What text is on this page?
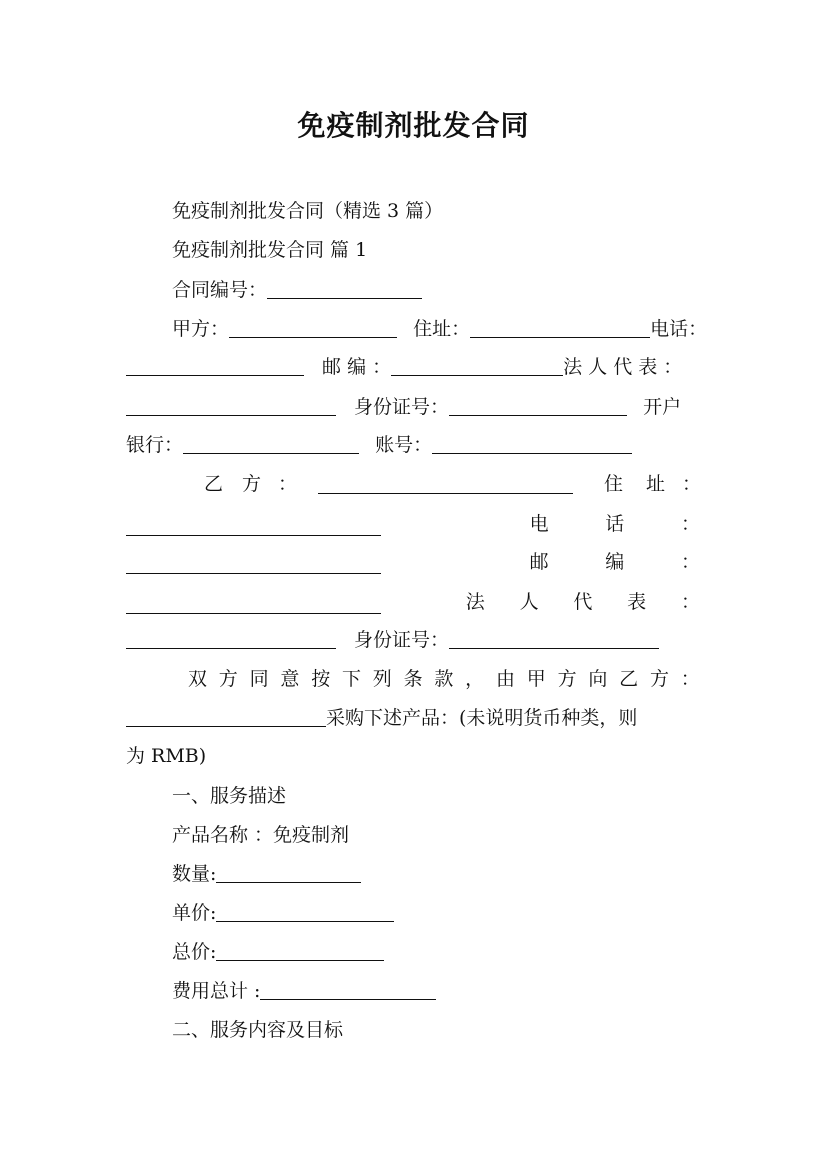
免疫制剂批发合同
免疫制剂批发合同（精选 3 篇）
免疫制剂批发合同 篇 1
合同编号：
甲方：	住址：	电话：
邮 编 ：	法 人 代 表 ：
身份证号：	开户
银行：	账号：
乙 方 ：	住 址 ：
电	话	：
邮	编	：
法 人 代 表 ：
身份证号：
双 方 同 意 按 下 列 条 款 ， 由 甲 方 向 乙 方 ：
采购下述产品：(未说明货币种类，则
为 RMB)
一、服务描述
产品名称 ：免疫制剂
数量:
单价:
总价:
费用总计 :
二、服务内容及目标
